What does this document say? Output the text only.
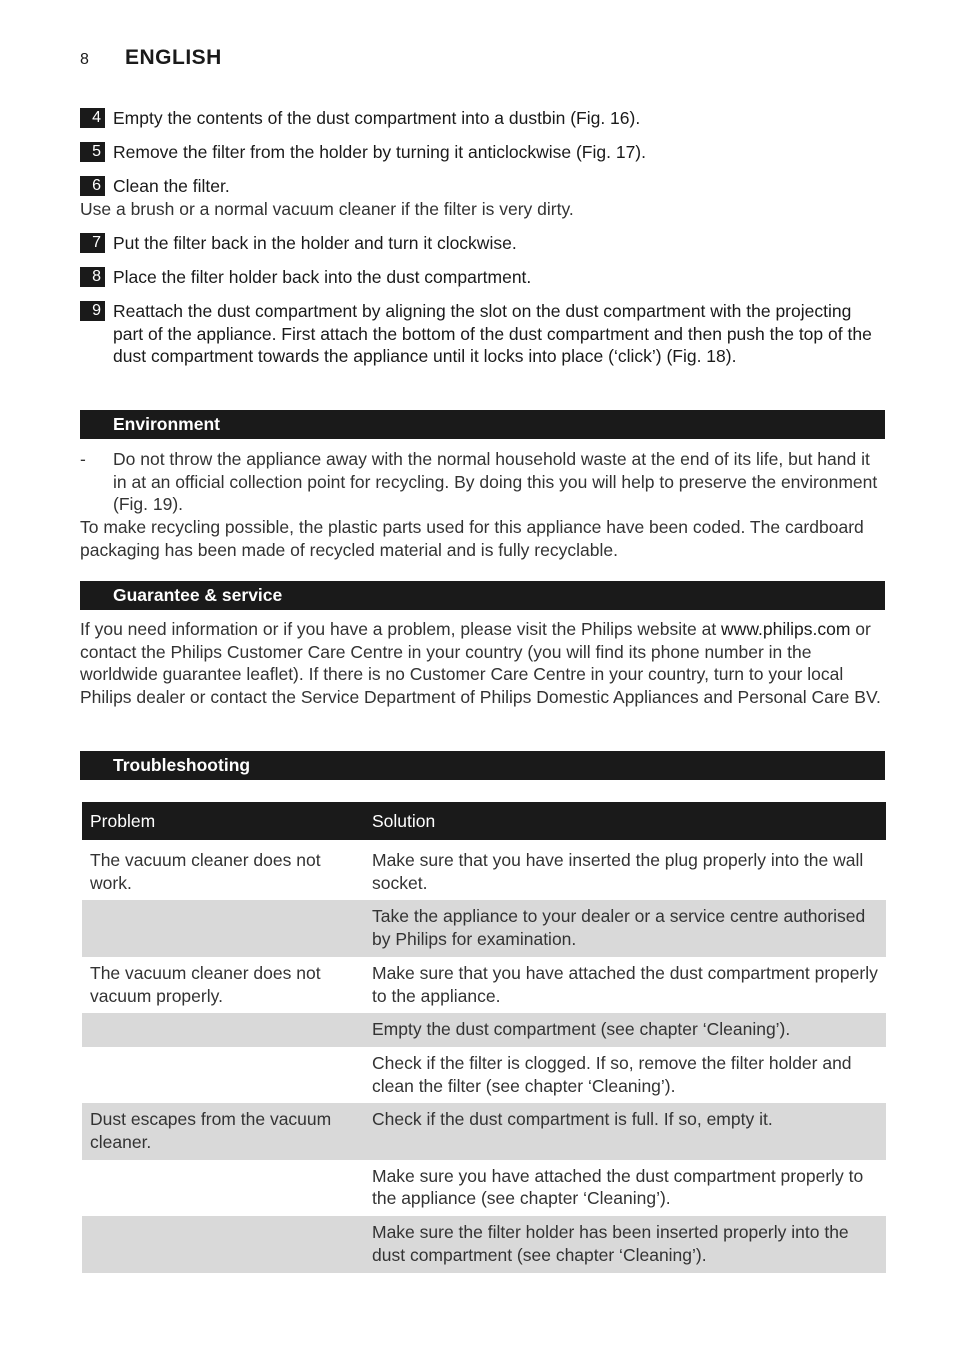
8	ENGLISH
4 Empty the contents of the dust compartment into a dustbin (Fig. 16).
5 Remove the filter from the holder by turning it anticlockwise (Fig. 17).
6 Clean the filter.
Use a brush or a normal vacuum cleaner if the filter is very dirty.
7 Put the filter back in the holder and turn it clockwise.
8 Place the filter holder back into the dust compartment.
9 Reattach the dust compartment by aligning the slot on the dust compartment with the projecting part of the appliance. First attach the bottom of the dust compartment and then push the top of the dust compartment towards the appliance until it locks into place (‘click’) (Fig. 18).
Environment
- Do not throw the appliance away with the normal household waste at the end of its life, but hand it in at an official collection point for recycling. By doing this you will help to preserve the environment (Fig. 19).
To make recycling possible, the plastic parts used for this appliance have been coded. The cardboard packaging has been made of recycled material and is fully recyclable.
Guarantee & service
If you need information or if you have a problem, please visit the Philips website at www.philips.com or contact the Philips Customer Care Centre in your country (you will find its phone number in the worldwide guarantee leaflet). If there is no Customer Care Centre in your country, turn to your local Philips dealer or contact the Service Department of Philips Domestic Appliances and Personal Care BV.
Troubleshooting
Problem	Solution
The vacuum cleaner does not work.	Make sure that you have inserted the plug properly into the wall socket.
	Take the appliance to your dealer or a service centre authorised by Philips for examination.
The vacuum cleaner does not vacuum properly.	Make sure that you have attached the dust compartment properly to the appliance.
	Empty the dust compartment (see chapter ‘Cleaning’).
	Check if the filter is clogged. If so, remove the filter holder and clean the filter (see chapter ‘Cleaning’).
Dust escapes from the vacuum cleaner.	Check if the dust compartment is full. If so, empty it.
	Make sure you have attached the dust compartment properly to the appliance (see chapter ‘Cleaning’).
	Make sure the filter holder has been inserted properly into the dust compartment (see chapter ‘Cleaning’).
